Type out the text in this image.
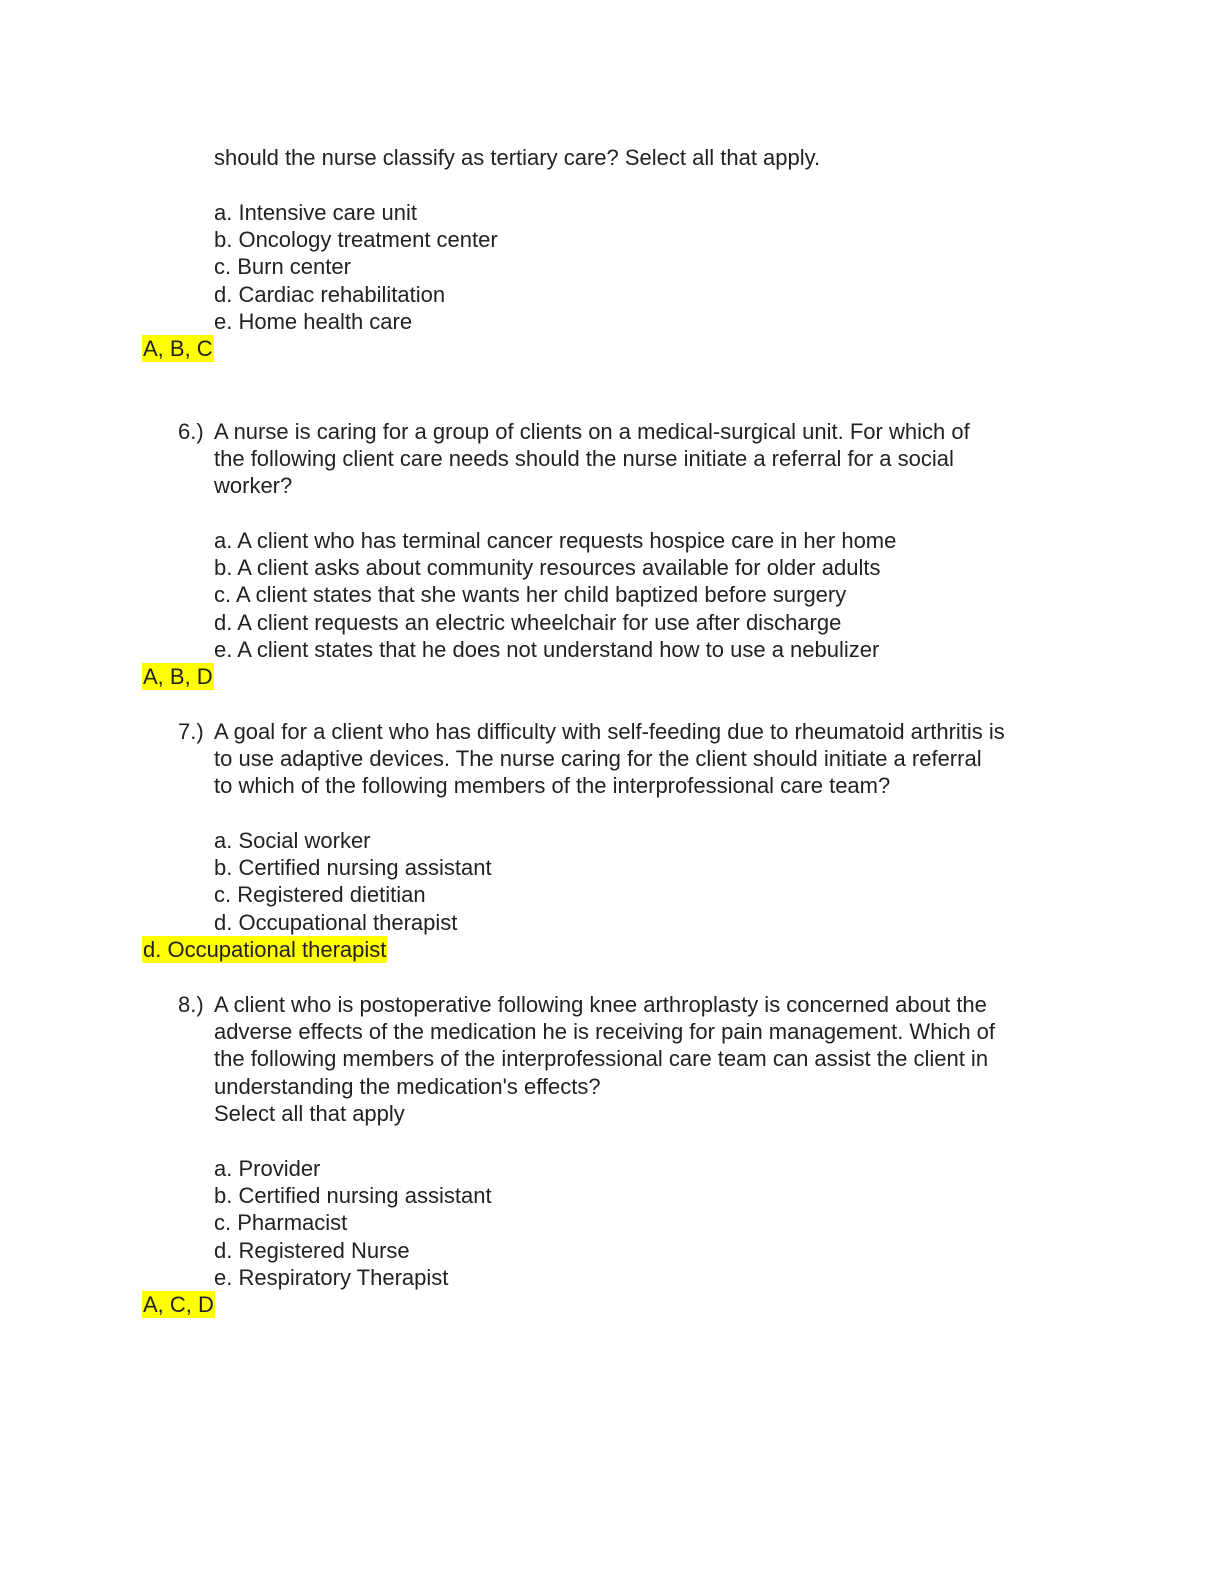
should the nurse classify as tertiary care? Select all that apply.
a. Intensive care unit
b. Oncology treatment center
c. Burn center
d. Cardiac rehabilitation
e. Home health care
A, B, C
6.) A nurse is caring for a group of clients on a medical-surgical unit. For which of
the following client care needs should the nurse initiate a referral for a social
worker?
a. A client who has terminal cancer requests hospice care in her home
b. A client asks about community resources available for older adults
c. A client states that she wants her child baptized before surgery
d. A client requests an electric wheelchair for use after discharge
e. A client states that he does not understand how to use a nebulizer
A, B, D
7.) A goal for a client who has difficulty with self-feeding due to rheumatoid arthritis is
to use adaptive devices. The nurse caring for the client should initiate a referral
to which of the following members of the interprofessional care team?
a. Social worker
b. Certified nursing assistant
c. Registered dietitian
d. Occupational therapist
d. Occupational therapist
8.) A client who is postoperative following knee arthroplasty is concerned about the
adverse effects of the medication he is receiving for pain management. Which of
the following members of the interprofessional care team can assist the client in
understanding the medication's effects?
Select all that apply
a. Provider
b. Certified nursing assistant
c. Pharmacist
d. Registered Nurse
e. Respiratory Therapist
A, C, D
